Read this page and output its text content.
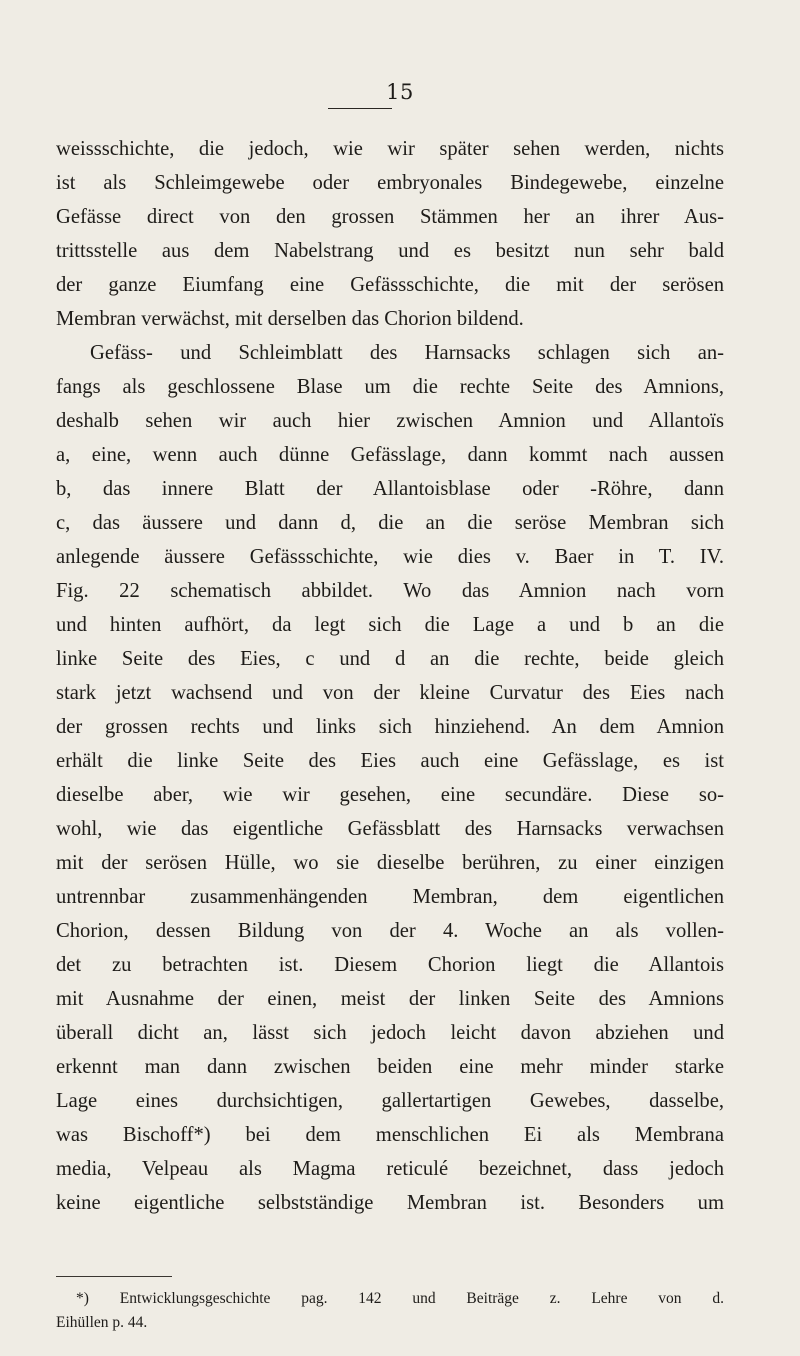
15
weissschichte, die jedoch, wie wir später sehen werden, nichts
ist als Schleimgewebe oder embryonales Bindegewebe, einzelne
Gefässe direct von den grossen Stämmen her an ihrer Aus-
trittsstelle aus dem Nabelstrang und es besitzt nun sehr bald
der ganze Eiumfang eine Gefässschichte, die mit der serösen
Membran verwächst, mit derselben das Chorion bildend.
Gefäss- und Schleimblatt des Harnsacks schlagen sich an-
fangs als geschlossene Blase um die rechte Seite des Amnions,
deshalb sehen wir auch hier zwischen Amnion und Allantoïs
a, eine, wenn auch dünne Gefässlage, dann kommt nach aussen
b, das innere Blatt der Allantoisblase oder -Röhre, dann
c, das äussere und dann d, die an die seröse Membran sich
anlegende äussere Gefässschichte, wie dies v. Baer in T. IV.
Fig. 22 schematisch abbildet. Wo das Amnion nach vorn
und hinten aufhört, da legt sich die Lage a und b an die
linke Seite des Eies, c und d an die rechte, beide gleich
stark jetzt wachsend und von der kleine Curvatur des Eies nach
der grossen rechts und links sich hinziehend. An dem Amnion
erhält die linke Seite des Eies auch eine Gefässlage, es ist
dieselbe aber, wie wir gesehen, eine secundäre. Diese so-
wohl, wie das eigentliche Gefässblatt des Harnsacks verwachsen
mit der serösen Hülle, wo sie dieselbe berühren, zu einer einzigen
untrennbar zusammenhängenden Membran, dem eigentlichen
Chorion, dessen Bildung von der 4. Woche an als vollen-
det zu betrachten ist. Diesem Chorion liegt die Allantois
mit Ausnahme der einen, meist der linken Seite des Amnions
überall dicht an, lässt sich jedoch leicht davon abziehen und
erkennt man dann zwischen beiden eine mehr minder starke
Lage eines durchsichtigen, gallertartigen Gewebes, dasselbe,
was Bischoff*) bei dem menschlichen Ei als Membrana
media, Velpeau als Magma reticulé bezeichnet, dass jedoch
keine eigentliche selbstständige Membran ist. Besonders um
*) Entwicklungsgeschichte pag. 142 und Beiträge z. Lehre von d.
Eihüllen p. 44.
